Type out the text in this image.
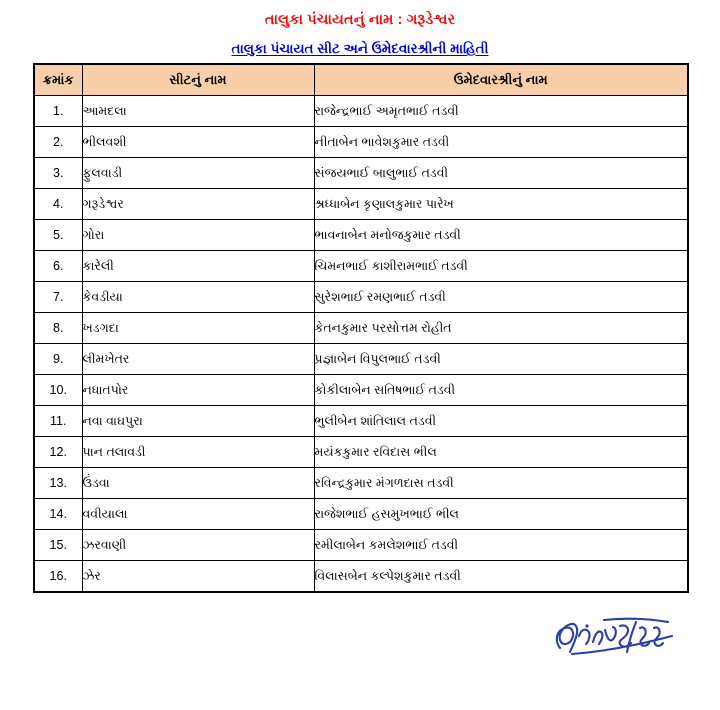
તાલુકા પંચાયતનું નામ : ગરૂડેશ્વર
તાલુકા પંચાયત સીટ અને ઉમેદવારશ્રીની માહિતી
ક્રમાંક	સીટનું નામ	ઉમેદવારશ્રીનું નામ
1.	આમદલા	રાજેન્દ્રભાઈ અમૃતભાઈ તડવી
2.	ભીલવશી	નીતાબેન ભાવેશકુમાર તડવી
3.	ફુલવાડી	સંજયભાઈ બાલુભાઈ તડવી
4.	ગરૂડેશ્વર	શ્રધ્ધાબેન કૃણાલકુમાર પારેખ
5.	ગોરા	ભાવનાબેન મનોજકુમાર તડવી
6.	કારેલી	ચિમનભાઈ કાશીરામભાઈ તડવી
7.	કેવડીયા	સુરેશભાઈ રમણભાઈ તડવી
8.	ખડગદા	કેતનકુમાર પરસોત્તમ રોહીત
9.	લીમખેતર	પ્રજ્ઞાબેન વિપુલભાઈ તડવી
10.	નધાતપોર	કોકીલાબેન સતિષભાઈ તડવી
11.	નવા વાઘપુરા	ભુલીબેન શાંતિલાલ તડવી
12.	પાન તલાવડી	મયંકકુમાર રવિદાસ ભીલ
13.	ઉંડવા	રવિન્દ્રકુમાર મંગળદાસ તડવી
14.	વવીયાલા	રાજેશભાઈ હસમુખભાઈ ભીલ
15.	ઝરવાણી	રમીલાબેન કમલેશભાઈ તડવી
16.	ઝેર	વિલાસબેન કલ્પેશકુમાર તડવી
